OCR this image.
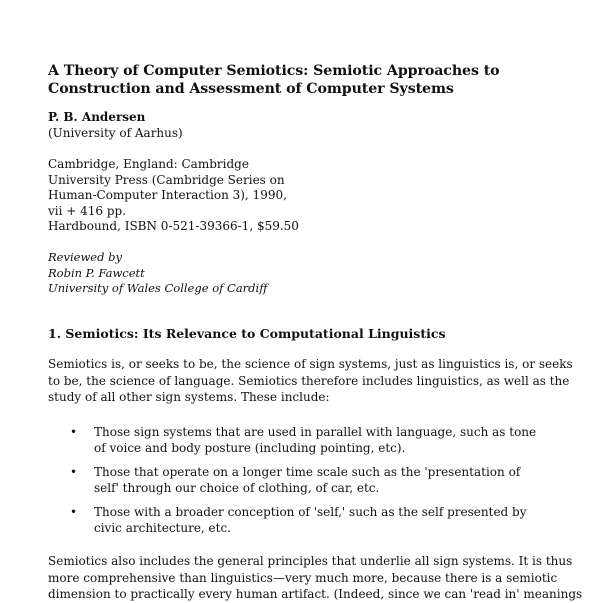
A Theory of Computer Semiotics: Semiotic Approaches to
Construction and Assessment of Computer Systems
P. B. Andersen
(University of Aarhus)
Cambridge, England: Cambridge
University Press (Cambridge Series on
Human-Computer Interaction 3), 1990,
vii + 416 pp.
Hardbound, ISBN 0-521-39366-1, $59.50
Reviewed by
Robin P. Fawcett
University of Wales College of Cardiff
1. Semiotics: Its Relevance to Computational Linguistics
Semiotics is, or seeks to be, the science of sign systems, just as linguistics is, or seeks
to be, the science of language. Semiotics therefore includes linguistics, as well as the
study of all other sign systems. These include:
• Those sign systems that are used in parallel with language, such as tone
of voice and body posture (including pointing, etc).
• Those that operate on a longer time scale such as the 'presentation of
self' through our choice of clothing, of car, etc.
• Those with a broader conception of 'self,' such as the self presented by
civic architecture, etc.
Semiotics also includes the general principles that underlie all sign systems. It is thus
more comprehensive than linguistics—very much more, because there is a semiotic
dimension to practically every human artifact. (Indeed, since we can 'read in' meanings
